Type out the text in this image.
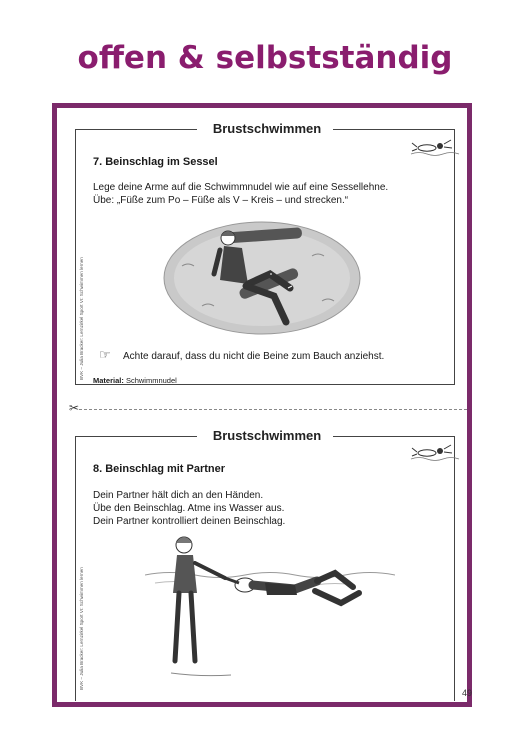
offen & selbstständig
Brustschwimmen
7. Beinschlag im Sessel
Lege deine Arme auf die Schwimmnudel wie auf eine Sessellehne.
Übe: „Füße zum Po – Füße als V – Kreis – und strecken.“
☞ Achte darauf, dass du nicht die Beine zum Bauch anziehst.
Material: Schwimmnudel
BVK – Julia Bracker: Lernzirkel Sport VI: Schwimmen lernen
✂
Brustschwimmen
8. Beinschlag mit Partner
Dein Partner hält dich an den Händen.
Übe den Beinschlag. Atme ins Wasser aus.
Dein Partner kontrolliert deinen Beinschlag.
BVK – Julia Bracker: Lernzirkel Sport VI: Schwimmen lernen
49
